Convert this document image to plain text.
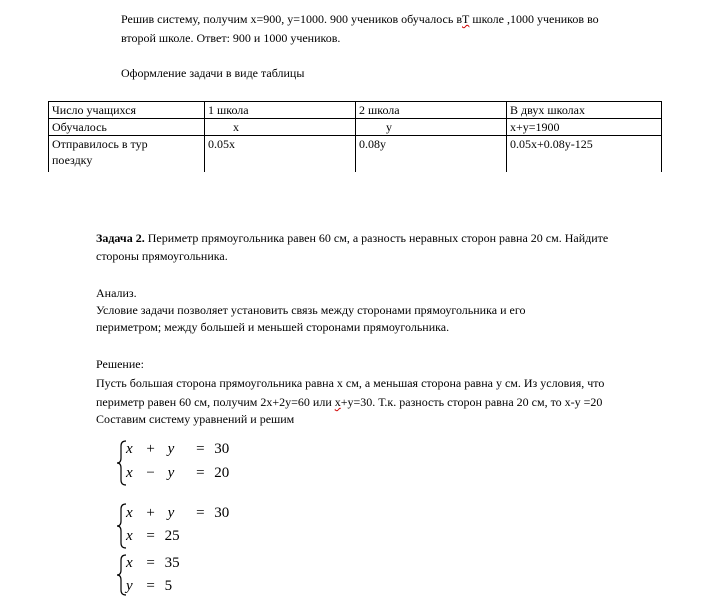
Решив систему, получим x=900, y=1000. 900 учеников обучалось вТ школе ,1000 учеников во
второй школе. Ответ: 900 и 1000 учеников.
Оформление задачи в виде таблицы
Число учащихся	1 школа	2 школа	В двух школах
Обучалось	x	y	x+y=1900
Отправилось в тур поездку	0.05x	0.08y	0.05x+0.08y-125
Задача 2. Периметр прямоугольника равен 60 см, а разность неравных сторон равна 20 см. Найдите
стороны прямоугольника.
Анализ.
Условие задачи позволяет установить связь между сторонами прямоугольника и его
периметром; между большей и меньшей сторонами прямоугольника.
Решение:
Пусть большая сторона прямоугольника равна x см, а меньшая сторона равна у см. Из условия, что
периметр равен 60 см, получим 2x+2y=60 или x+y=30. Т.к. разность сторон равна 20 см, то x-y =20
Составим систему уравнений и решим
x + y = 30
x − y = 20
x + y = 30
x = 25
x = 35
y = 5
